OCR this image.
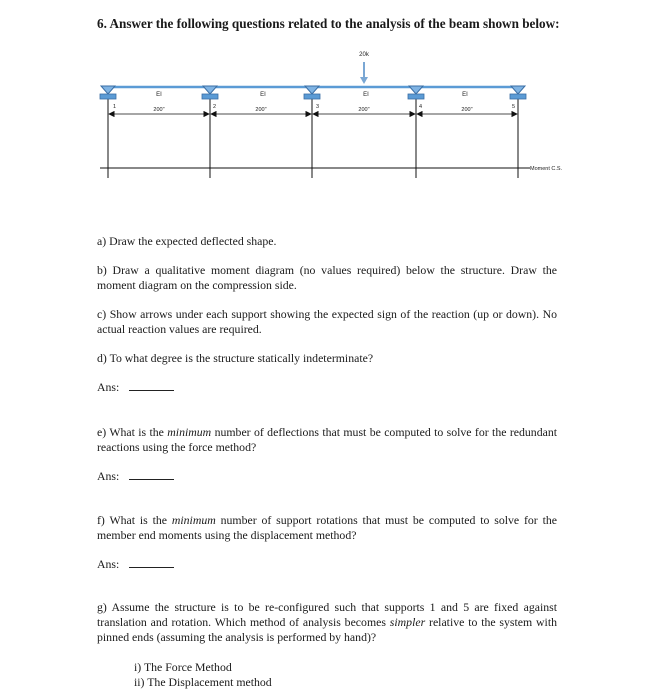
6. Answer the following questions related to the analysis of the beam shown below:
20k
EI	EI	EI	EI
1	2	3	4	5
200"	200"	200"	200"
Moment C.S.
a) Draw the expected deflected shape.
b) Draw a qualitative moment diagram (no values required) below the structure. Draw the moment diagram on the compression side.
c) Show arrows under each support showing the expected sign of the reaction (up or down). No actual reaction values are required.
d) To what degree is the structure statically indeterminate?
Ans:
e) What is the minimum number of deflections that must be computed to solve for the redundant reactions using the force method?
Ans:
f) What is the minimum number of support rotations that must be computed to solve for the member end moments using the displacement method?
Ans:
g) Assume the structure is to be re-configured such that supports 1 and 5 are fixed against translation and rotation. Which method of analysis becomes simpler relative to the system with pinned ends (assuming the analysis is performed by hand)?
i) The Force Method
ii) The Displacement method
